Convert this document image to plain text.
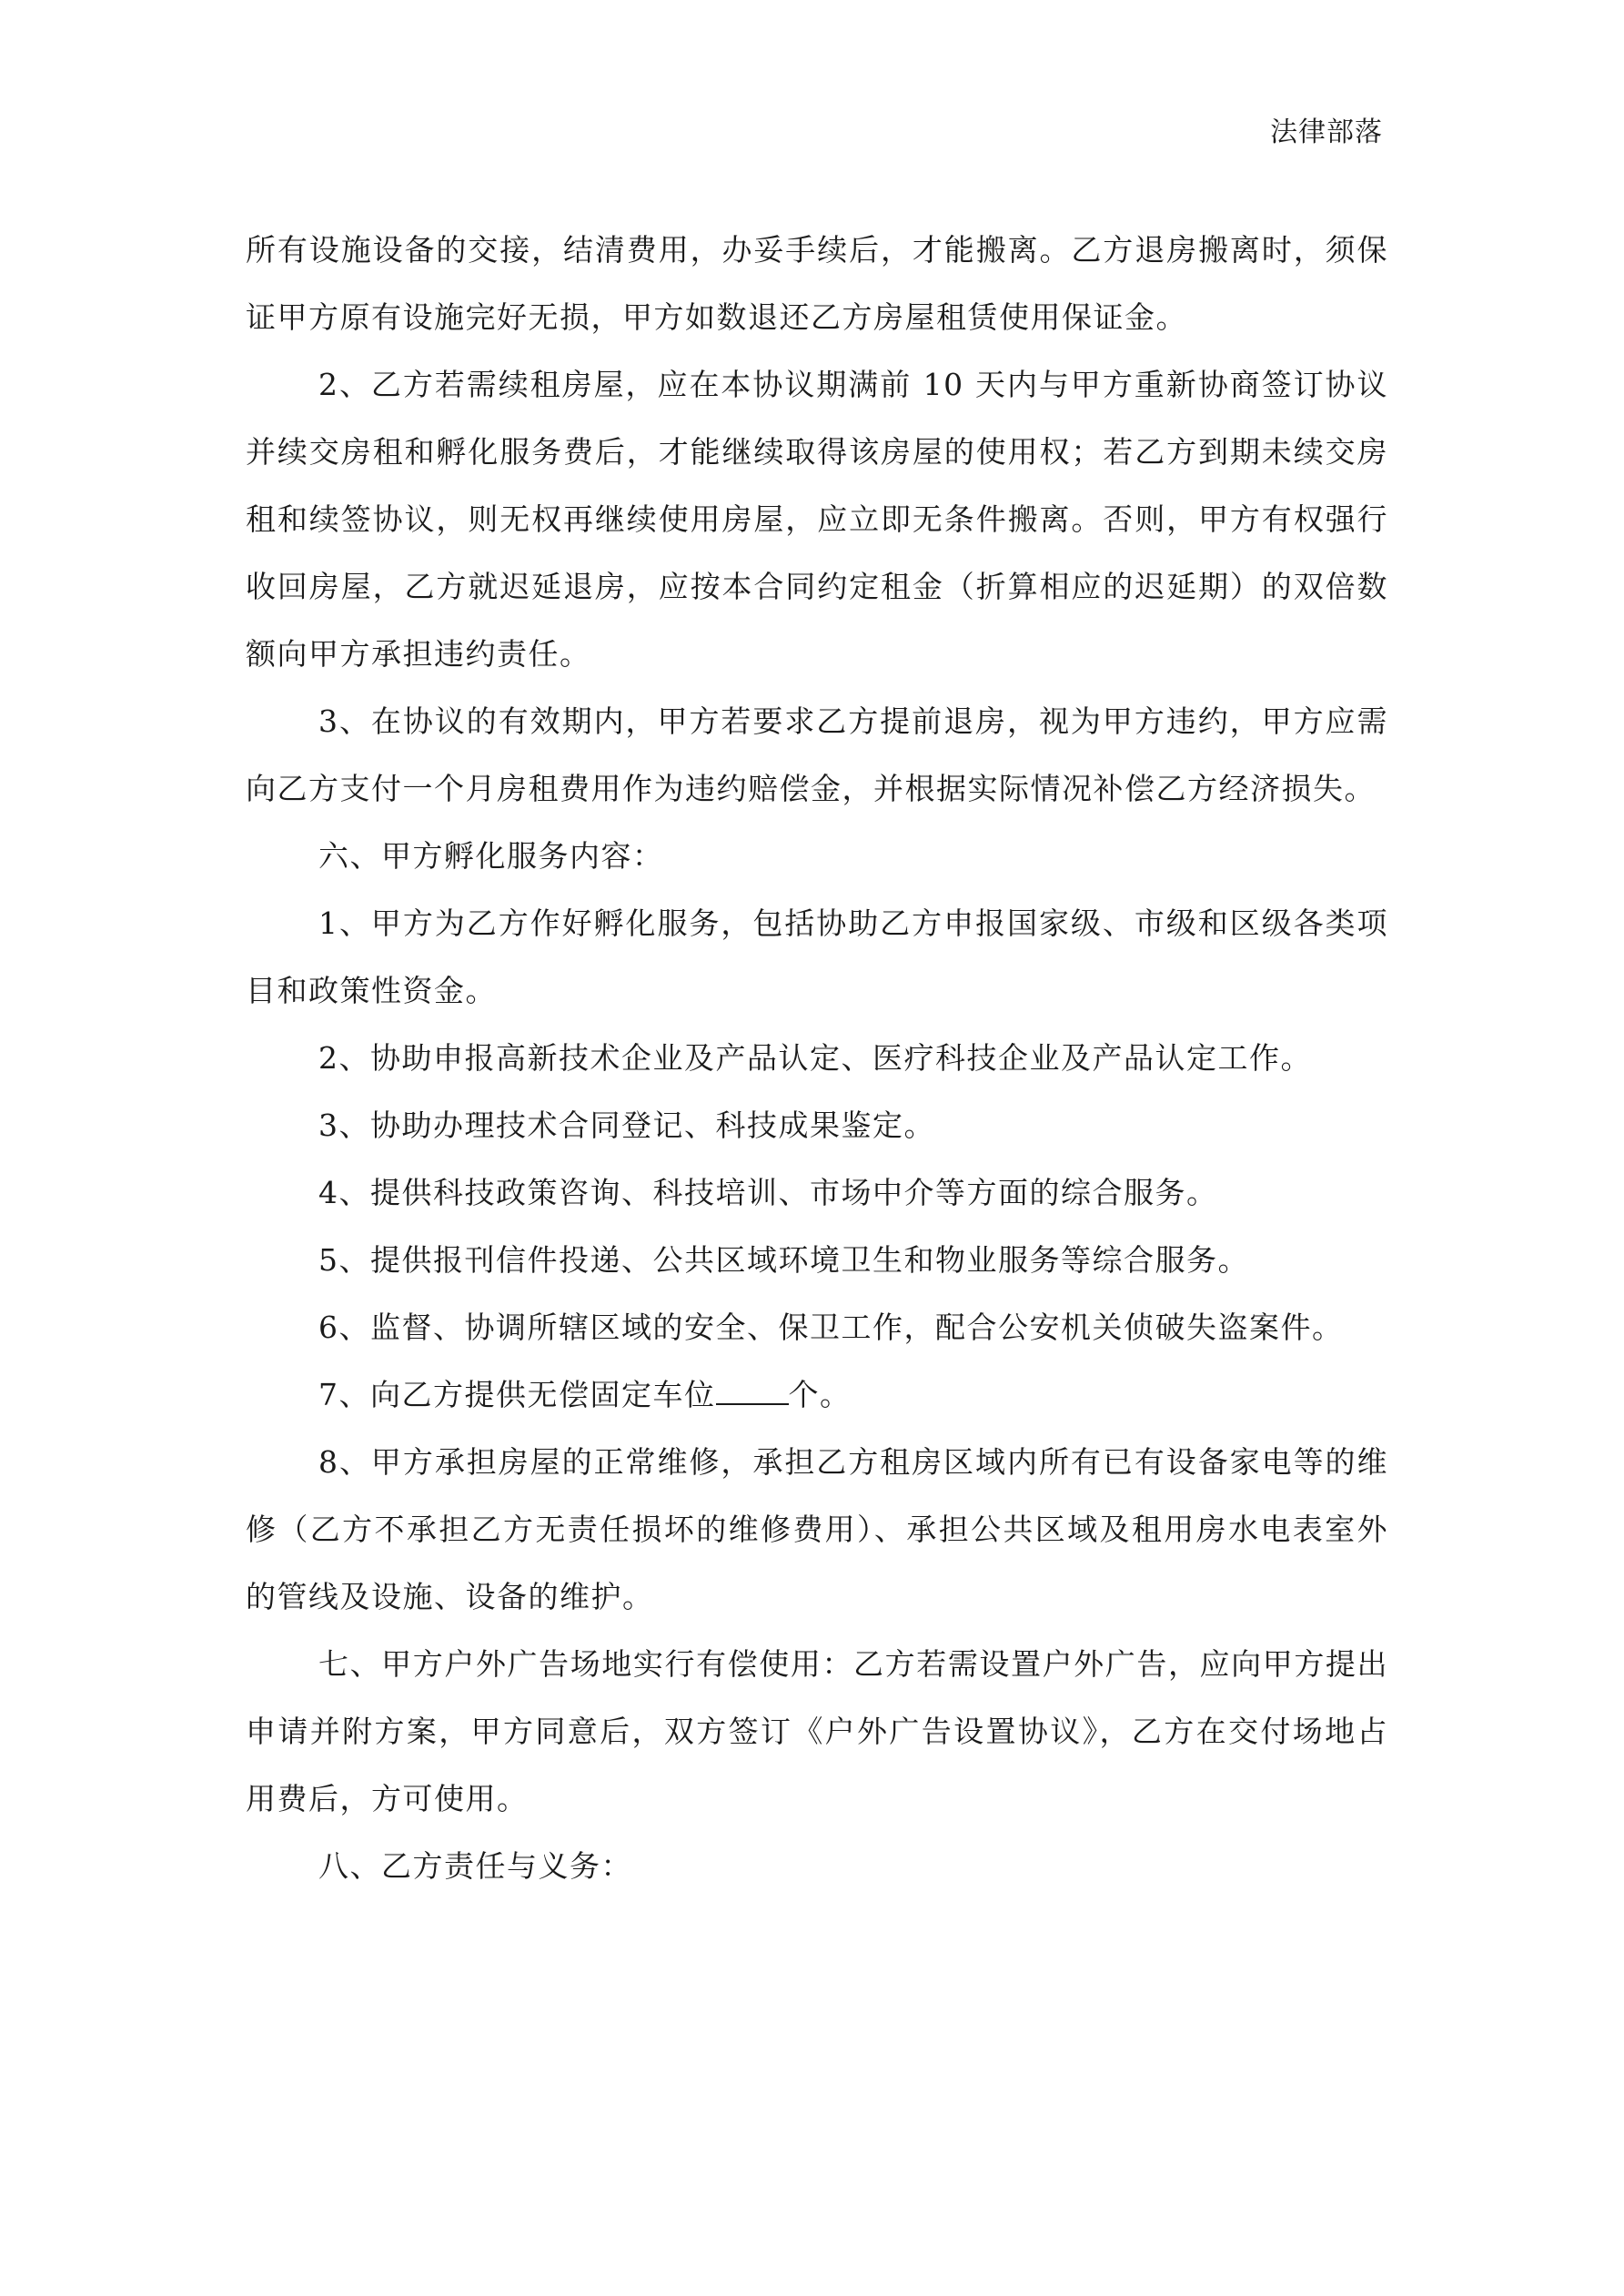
法律部落

所有设施设备的交接，结清费用，办妥手续后，才能搬离。乙方退房搬离时，须保证甲方原有设施完好无损，甲方如数退还乙方房屋租赁使用保证金。

2、乙方若需续租房屋，应在本协议期满前 10 天内与甲方重新协商签订协议并续交房租和孵化服务费后，才能继续取得该房屋的使用权；若乙方到期未续交房租和续签协议，则无权再继续使用房屋，应立即无条件搬离。否则，甲方有权强行收回房屋，乙方就迟延退房，应按本合同约定租金（折算相应的迟延期）的双倍数额向甲方承担违约责任。

3、在协议的有效期内，甲方若要求乙方提前退房，视为甲方违约，甲方应需向乙方支付一个月房租费用作为违约赔偿金，并根据实际情况补偿乙方经济损失。

六、甲方孵化服务内容：

1、甲方为乙方作好孵化服务，包括协助乙方申报国家级、市级和区级各类项目和政策性资金。

2、协助申报高新技术企业及产品认定、医疗科技企业及产品认定工作。

3、协助办理技术合同登记、科技成果鉴定。

4、提供科技政策咨询、科技培训、市场中介等方面的综合服务。

5、提供报刊信件投递、公共区域环境卫生和物业服务等综合服务。

6、监督、协调所辖区域的安全、保卫工作，配合公安机关侦破失盗案件。

7、向乙方提供无偿固定车位 个。

8、甲方承担房屋的正常维修，承担乙方租房区域内所有已有设备家电等的维修（乙方不承担乙方无责任损坏的维修费用）、承担公共区域及租用房水电表室外的管线及设施、设备的维护。

七、甲方户外广告场地实行有偿使用：乙方若需设置户外广告，应向甲方提出申请并附方案，甲方同意后，双方签订《户外广告设置协议》，乙方在交付场地占用费后，方可使用。

八、乙方责任与义务：
